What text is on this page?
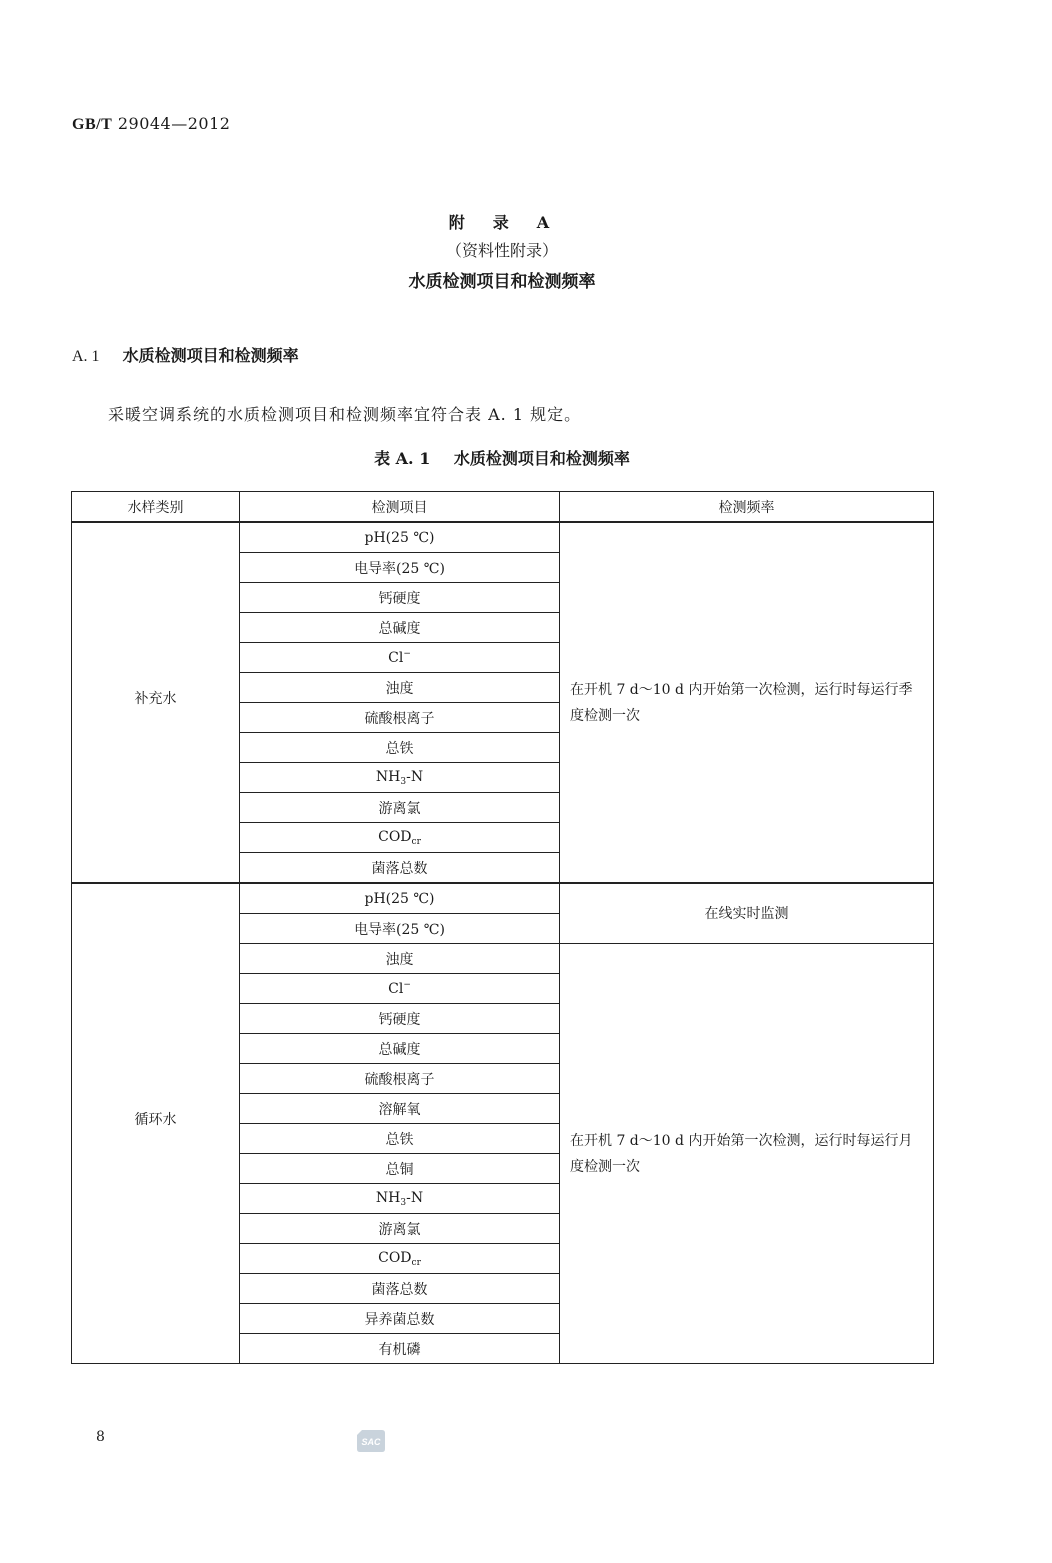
GB/T 29044—2012
附　录　A
（资料性附录）
水质检测项目和检测频率
A. 1 水质检测项目和检测频率
采暖空调系统的水质检测项目和检测频率宜符合表 A. 1 规定。
表 A. 1 水质检测项目和检测频率
水样类别	检测项目	检测频率
补充水	pH(25 ℃)	在开机 7 d～10 d 内开始第一次检测，运行时每运行季度检测一次
	电导率(25 ℃)	
	钙硬度	
	总碱度	
	Cl−
	浊度	
	硫酸根离子	
	总铁	
	$NH_3-N$	
	游离氯	
	$COD_{cr}$
	菌落总数	
循环水	pH(25 ℃)	在线实时监测
	电导率(25 ℃)	
	浊度	在开机 7 d～10 d 内开始第一次检测，运行时每运行月度检测一次
	Cl−
	钙硬度	
	总碱度	
	硫酸根离子	
	溶解氧	
	总铁	
	总铜	
	$NH_3-N$	
	游离氯	
	$COD_{cr}$
	菌落总数	
	异养菌总数	
	有机磷	
8	SAC
